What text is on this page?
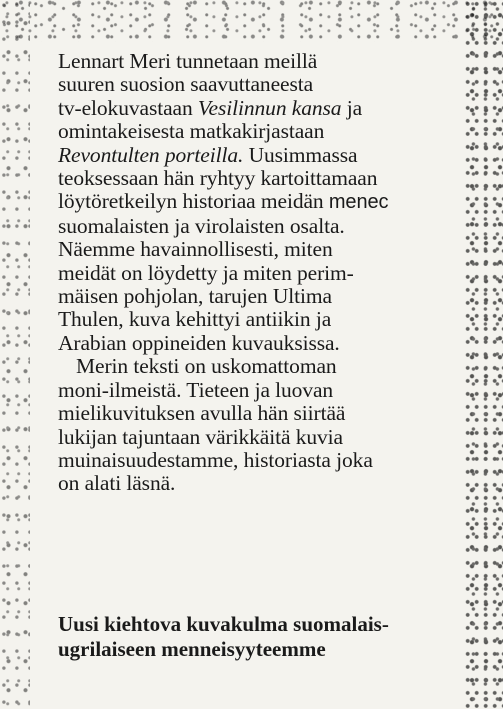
Lennart Meri tunnetaan meillä
suuren suosion saavuttaneesta
tv-elokuvastaan Vesilinnun kansa ja
omintakeisesta matkakirjastaan
Revontulten porteilla. Uusimmassa
teoksessaan hän ryhtyy kartoittamaan
löytöretkeilyn historiaa meidän menec
suomalaisten ja virolaisten osalta.
Näemme havainnollisesti, miten
meidät on löydetty ja miten perim-
mäisen pohjolan, tarujen Ultima
Thulen, kuva kehittyi antiikin ja
Arabian oppineiden kuvauksissa.
Merin teksti on uskomattoman
moni-ilmeistä. Tieteen ja luovan
mielikuvituksen avulla hän siirtää
lukijan tajuntaan värikkäitä kuvia
muinaisuudestamme, historiasta joka
on alati läsnä.
Uusi kiehtova kuvakulma suomalais-
ugrilaiseen menneisyyteemme
